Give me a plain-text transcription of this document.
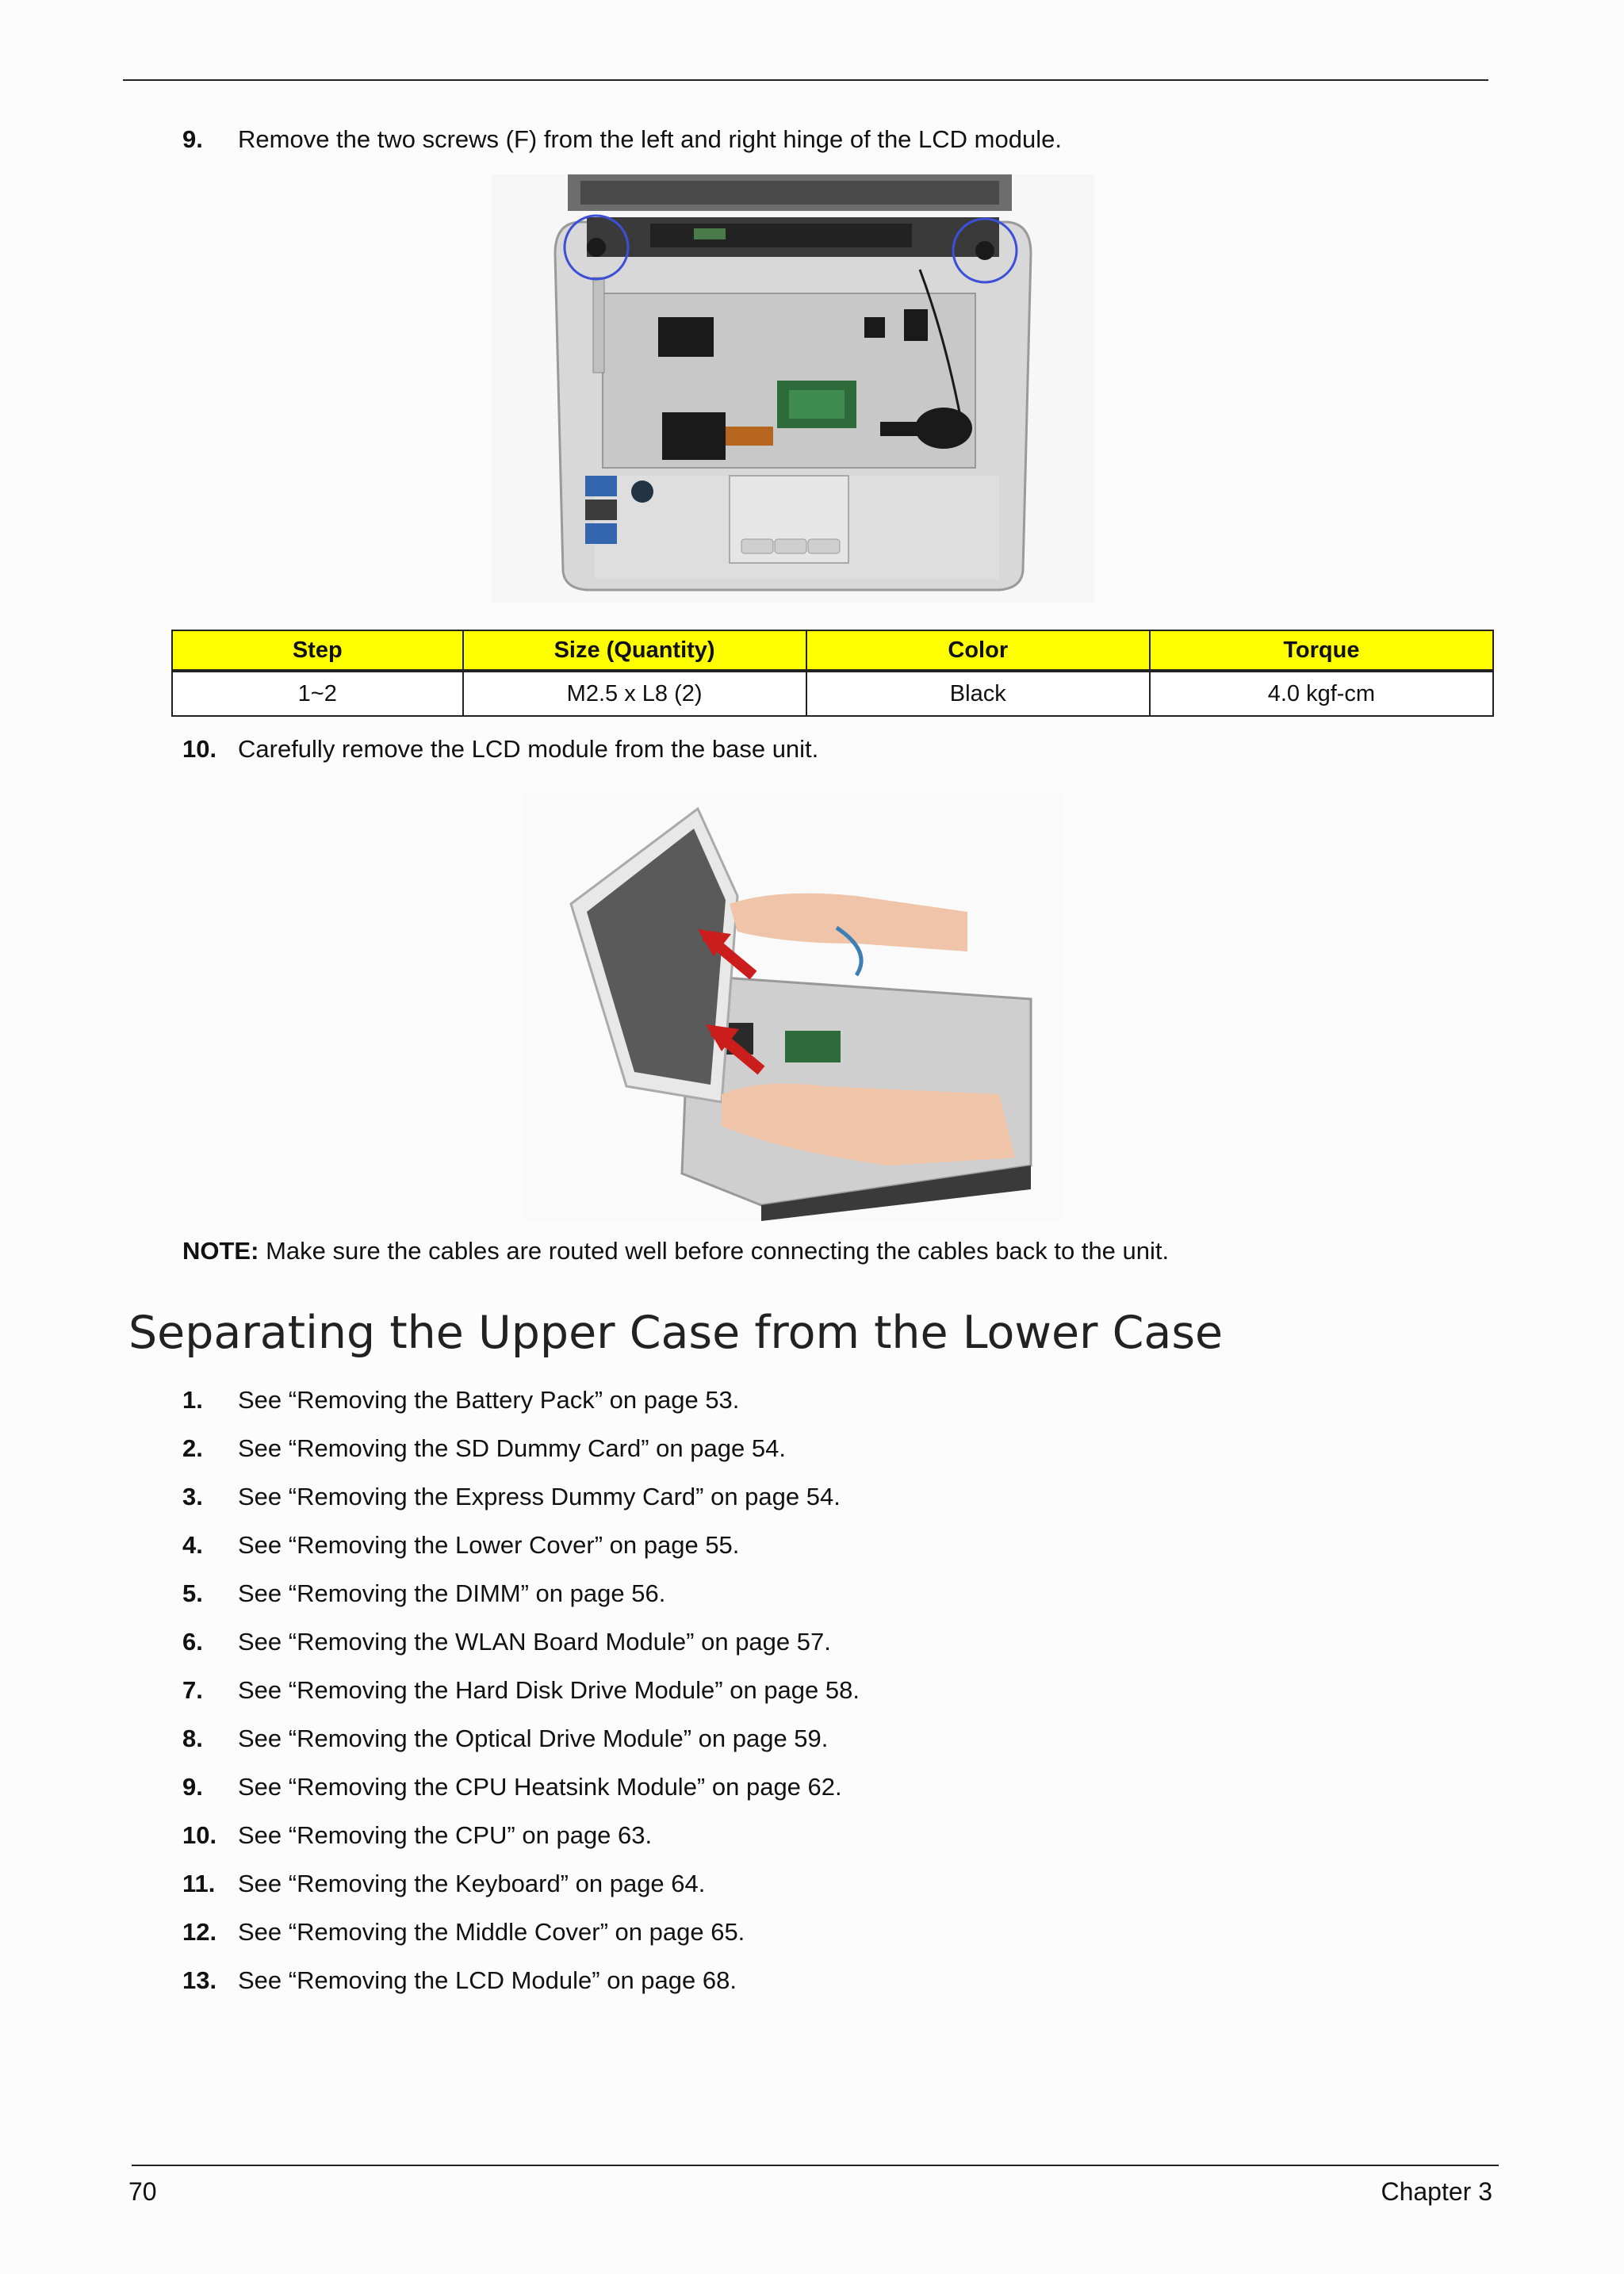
9. Remove the two screws (F) from the left and right hinge of the LCD module.
Step	Size (Quantity)	Color	Torque
1~2	M2.5 x L8 (2)	Black	4.0 kgf-cm
10. Carefully remove the LCD module from the base unit.
NOTE: Make sure the cables are routed well before connecting the cables back to the unit.
Separating the Upper Case from the Lower Case
1. See “Removing the Battery Pack” on page 53.
2. See “Removing the SD Dummy Card” on page 54.
3. See “Removing the Express Dummy Card” on page 54.
4. See “Removing the Lower Cover” on page 55.
5. See “Removing the DIMM” on page 56.
6. See “Removing the WLAN Board Module” on page 57.
7. See “Removing the Hard Disk Drive Module” on page 58.
8. See “Removing the Optical Drive Module” on page 59.
9. See “Removing the CPU Heatsink Module” on page 62.
10. See “Removing the CPU” on page 63.
11. See “Removing the Keyboard” on page 64.
12. See “Removing the Middle Cover” on page 65.
13. See “Removing the LCD Module” on page 68.
70	Chapter 3
